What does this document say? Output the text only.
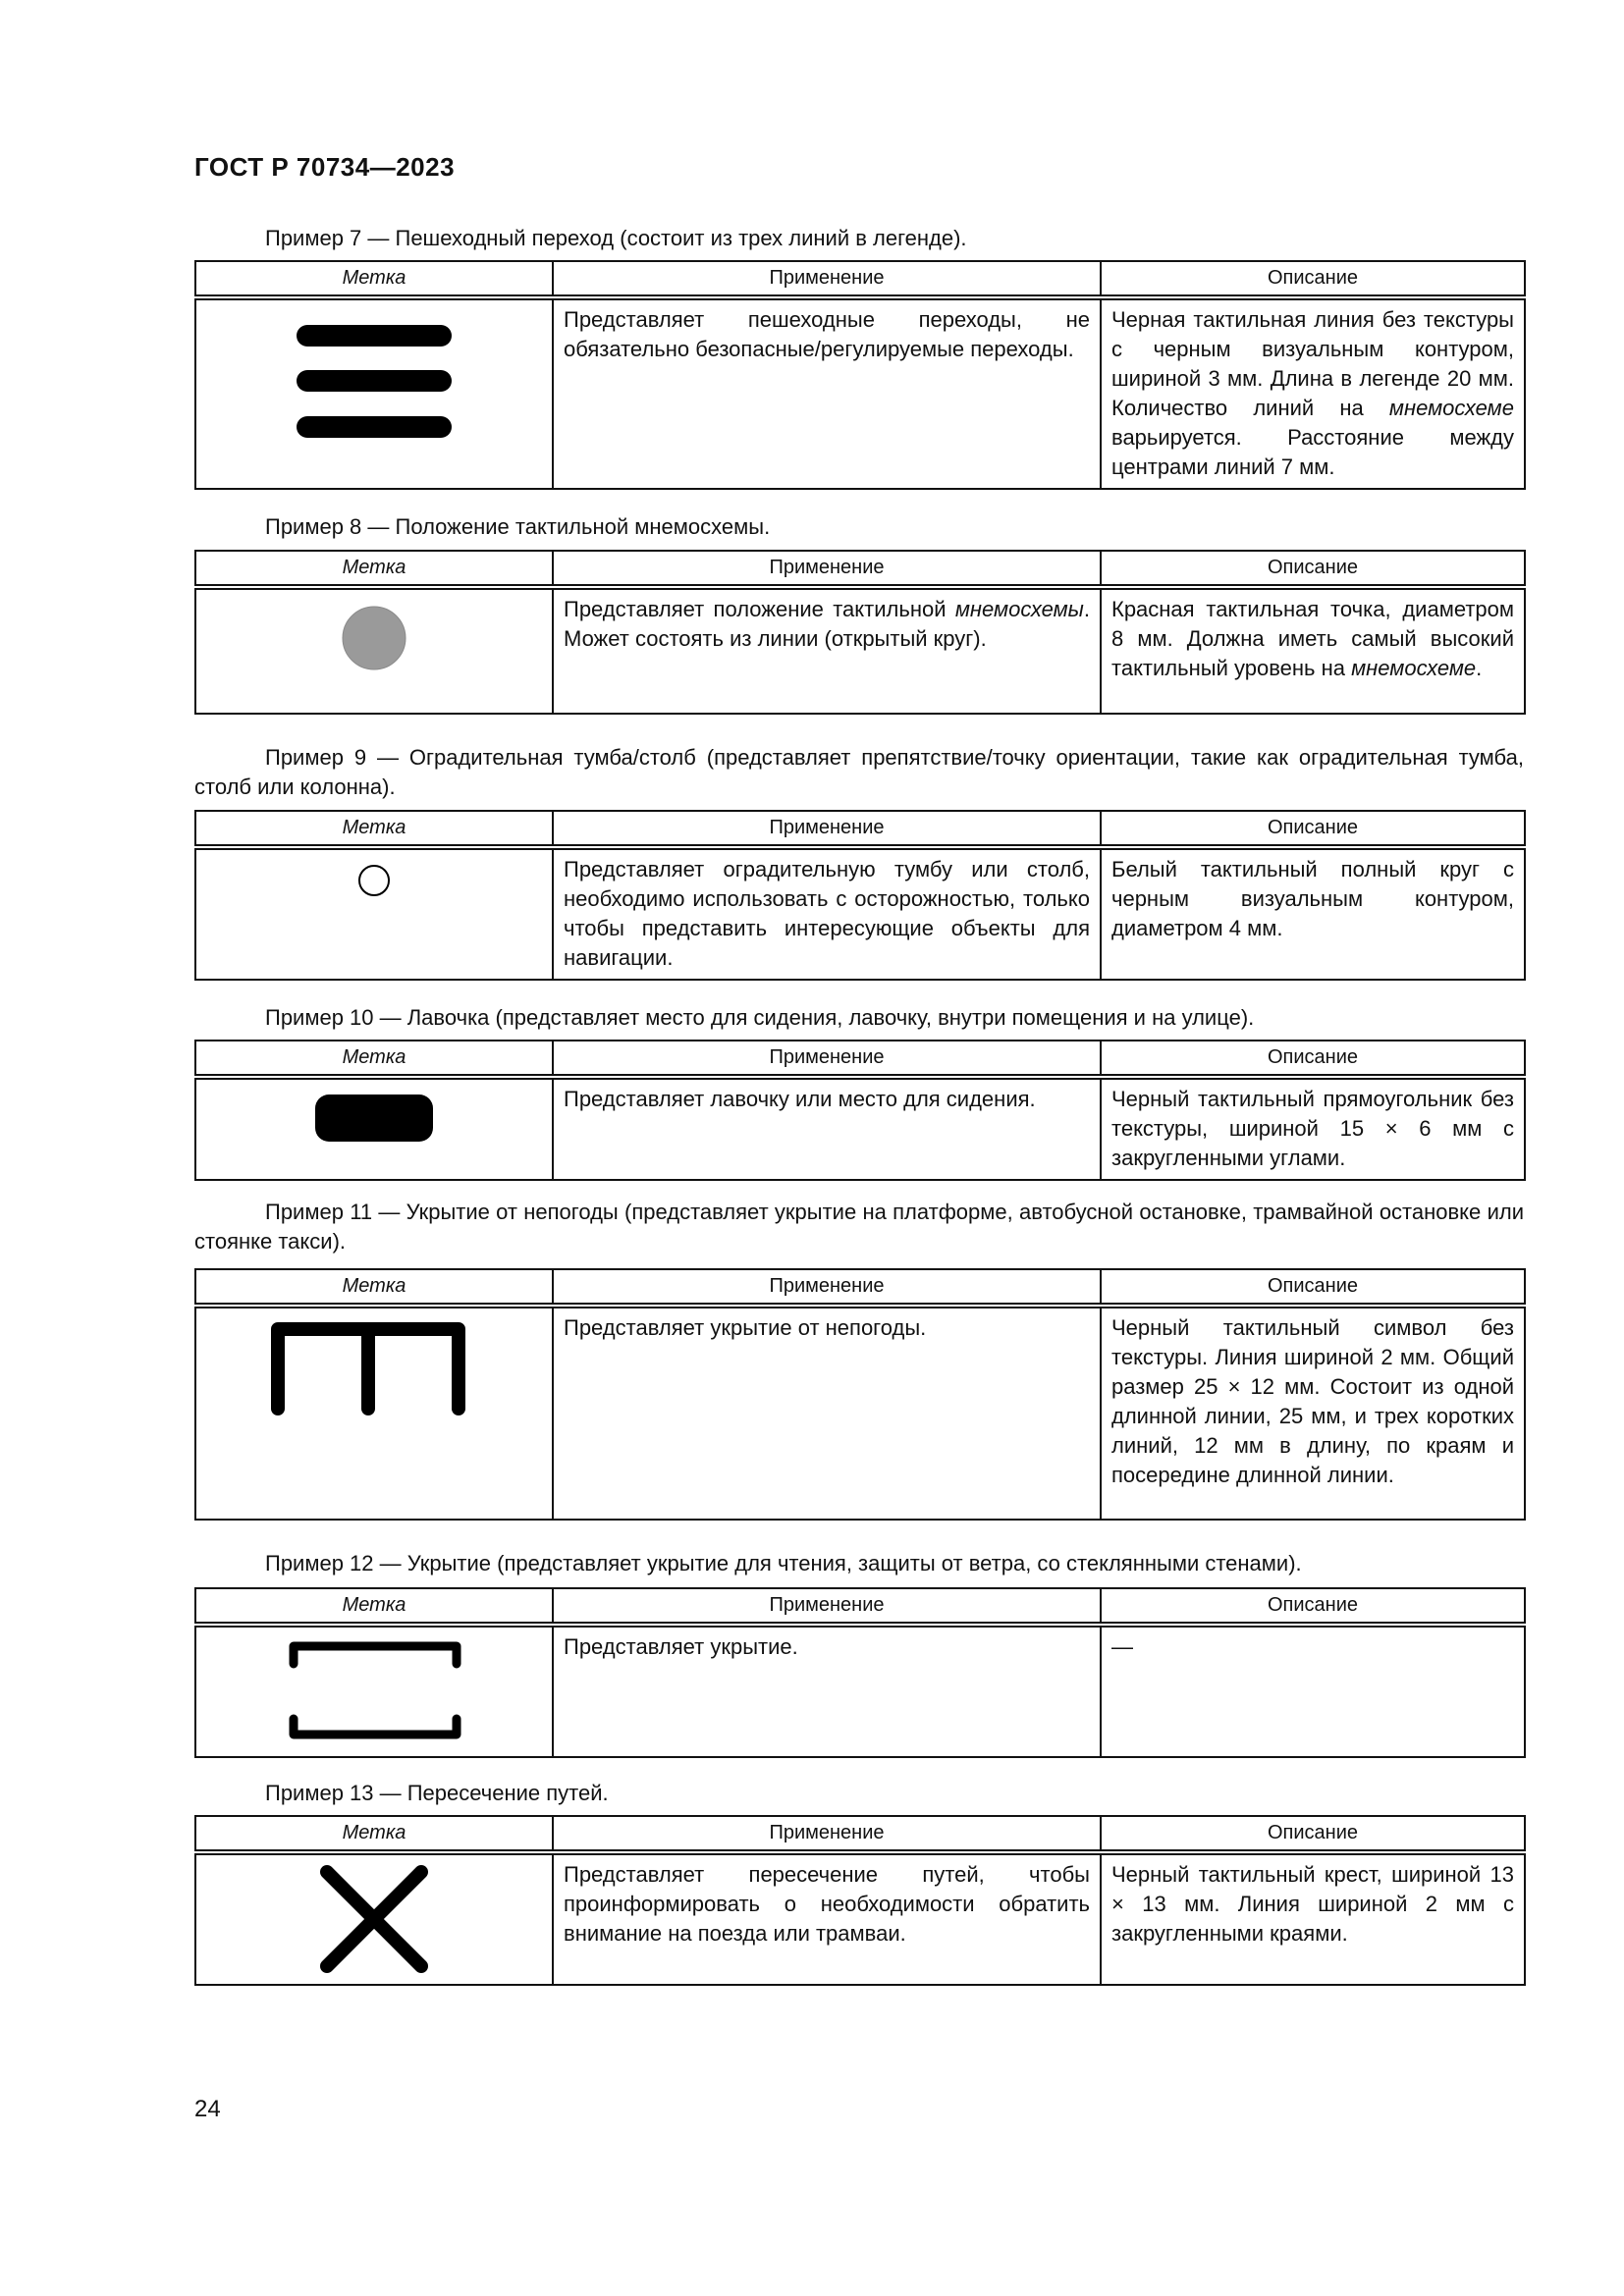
ГОСТ Р 70734—2023
Пример 7 — Пешеходный переход (состоит из трех линий в легенде).
Метка	Применение	Описание

	Представляет пешеходные переходы, не обязательно безопасные/регулируемые переходы.	Черная тактильная линия без текстуры с черным визуальным контуром, шириной 3 мм. Длина в легенде 20 мм. Количество линий на мнемосхеме варьируется. Расстояние между центрами линий 7 мм.
Пример 8 — Положение тактильной мнемосхемы.
Метка	Применение	Описание

	Представляет положение тактильной мнемосхемы. Может состоять из линии (открытый круг).	Красная тактильная точка, диаметром 8 мм. Должна иметь самый высокий тактильный уровень на мнемосхеме.
Пример 9 — Оградительная тумба/столб (представляет препятствие/точку ориентации, такие как оградительная тумба, столб или колонна).
Метка	Применение	Описание

	Представляет оградительную тумбу или столб, необходимо использовать с осторожностью, только чтобы представить интересующие объекты для навигации.	Белый тактильный полный круг с черным визуальным контуром, диаметром 4 мм.
Пример 10 — Лавочка (представляет место для сидения, лавочку, внутри помещения и на улице).
Метка	Применение	Описание

	Представляет лавочку или место для сидения.	Черный тактильный прямоугольник без текстуры, шириной 15 × 6 мм с закругленными углами.
Пример 11 — Укрытие от непогоды (представляет укрытие на платформе, автобусной остановке, трамвайной остановке или стоянке такси).
Метка	Применение	Описание

	Представляет укрытие от непогоды.	Черный тактильный символ без текстуры. Линия шириной 2 мм. Общий размер 25 × 12 мм. Состоит из одной длинной линии, 25 мм, и трех коротких линий, 12 мм в длину, по краям и посередине длинной линии.
Пример 12 — Укрытие (представляет укрытие для чтения, защиты от ветра, со стеклянными стенами).
Метка	Применение	Описание

	Представляет укрытие.	—
Пример 13 — Пересечение путей.
Метка	Применение	Описание

	Представляет пересечение путей, чтобы проинформировать о необходимости обратить внимание на поезда или трамваи.	Черный тактильный крест, шириной 13 × 13 мм. Линия шириной 2 мм с закругленными краями.
24
